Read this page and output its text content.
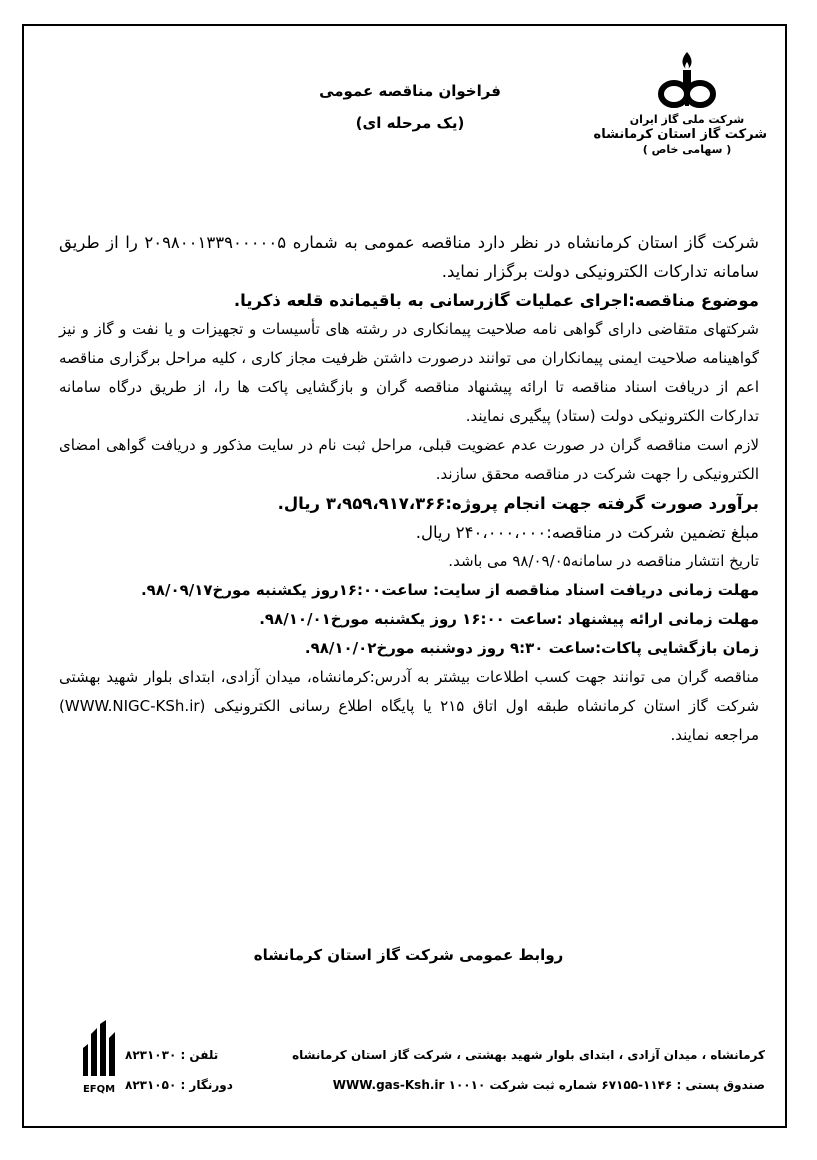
شرکت ملی گاز ایران
شرکت گاز استان کرمانشاه
( سهامی خاص )
فراخوان مناقصه عمومی
(یک مرحله ای)

شرکت گاز استان کرمانشاه در نظر دارد مناقصه عمومی به شماره ۲۰۹۸۰۰۱۳۳۹۰۰۰۰۰۵ را از طریق سامانه تدارکات الکترونیکی دولت برگزار نماید.

موضوع مناقصه:اجرای عملیات گازرسانی به باقیمانده قلعه ذکریا.

شرکتهای متقاضی دارای گواهی نامه صلاحیت پیمانکاری در رشته های تأسیسات و تجهیزات و یا نفت و گاز و نیز گواهینامه صلاحیت ایمنی پیمانکاران می توانند درصورت داشتن ظرفیت مجاز کاری ، کلیه مراحل برگزاری مناقصه اعم از دریافت اسناد مناقصه تا ارائه پیشنهاد مناقصه گران و بازگشایی پاکت ها را، از طریق درگاه سامانه تدارکات الکترونیکی دولت (ستاد) پیگیری نمایند.

لازم است مناقصه گران در صورت عدم عضویت قبلی، مراحل ثبت نام در سایت مذکور و دریافت گواهی امضای الکترونیکی را جهت شرکت در مناقصه محقق سازند.

برآورد صورت گرفته جهت انجام پروژه:۳،۹۵۹،۹۱۷،۳۶۶ ریال.

مبلغ تضمین شرکت در مناقصه:۲۴۰،۰۰۰،۰۰۰ ریال.

تاریخ انتشار مناقصه در سامانه۹۸/۰۹/۰۵ می باشد.

مهلت زمانی دریافت اسناد مناقصه از سایت: ساعت۱۶:۰۰روز یکشنبه مورخ۹۸/۰۹/۱۷.

مهلت زمانی ارائه پیشنهاد :ساعت ۱۶:۰۰ روز یکشنبه مورخ۹۸/۱۰/۰۱.

زمان بازگشایی پاکات:ساعت ۹:۳۰ روز دوشنبه مورخ۹۸/۱۰/۰۲.

مناقصه گران می توانند جهت کسب اطلاعات بیشتر به آدرس:کرمانشاه، میدان آزادی، ابتدای بلوار شهید بهشتی شرکت گاز استان کرمانشاه طبقه اول اتاق ۲۱۵ یا پایگاه اطلاع رسانی الکترونیکی (WWW.NIGC-KSh.ir) مراجعه نمایند.

روابط عمومی شرکت گاز استان کرمانشاه
کرمانشاه ، میدان آزادی ، ابتدای بلوار شهید بهشتی ، شرکت گاز استان کرمانشاه
تلفن : ۸۲۳۱۰۳۰
صندوق پستی : ۱۱۴۶-۶۷۱۵۵ شماره ثبت شرکت ۱۰۰۱۰ WWW.gas-Ksh.ir
دورنگار : ۸۲۳۱۰۵۰
EFQM
